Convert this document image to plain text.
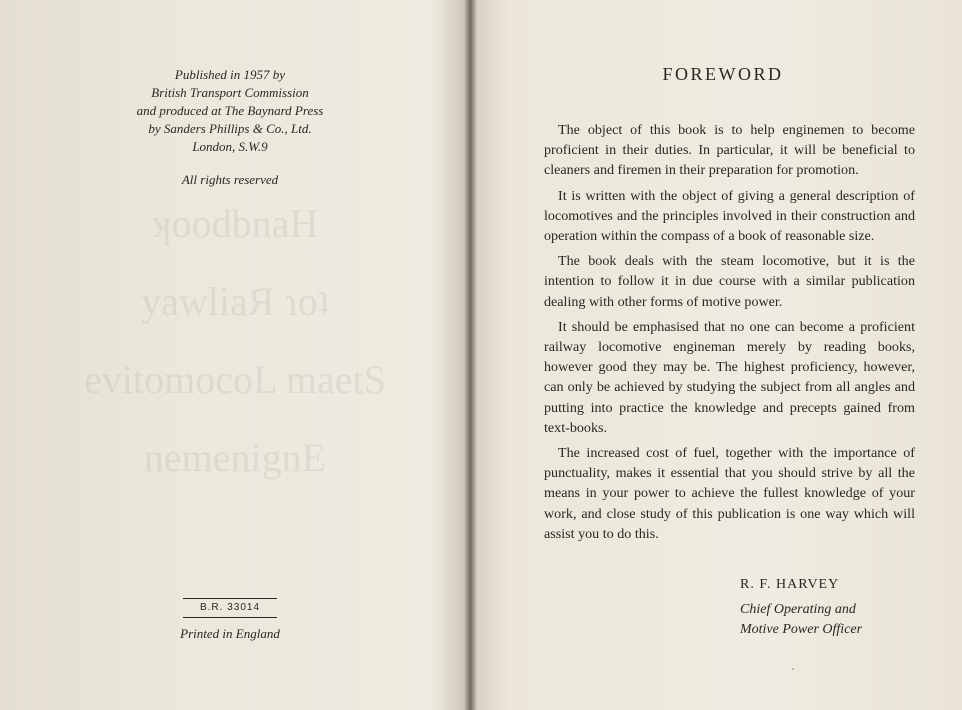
ʞoodbnaH
yawliaЯ ɿoʇ
evitomocoL maetS
nemenignE
Published in 1957 by
British Transport Commission
and produced at The Baynard Press
by Sanders Phillips & Co., Ltd.
London, S.W.9
All rights reserved
B.R. 33014
Printed in England
FOREWORD

The object of this book is to help enginemen to become proficient in their duties. In particular, it will be beneficial to cleaners and firemen in their preparation for promotion.

It is written with the object of giving a general description of locomotives and the principles involved in their construction and operation within the compass of a book of reasonable size.

The book deals with the steam locomotive, but it is the intention to follow it in due course with a similar publication dealing with other forms of motive power.

It should be emphasised that no one can become a proficient railway locomotive engineman merely by reading books, however good they may be. The highest proficiency, however, can only be achieved by studying the subject from all angles and putting into practice the knowledge and precepts gained from text-books.

The increased cost of fuel, together with the importance of punctuality, makes it essential that you should strive by all the means in your power to achieve the fullest knowledge of your work, and close study of this publication is one way which will assist you to do this.

R. F. HARVEY
Chief Operating and
Motive Power Officer
